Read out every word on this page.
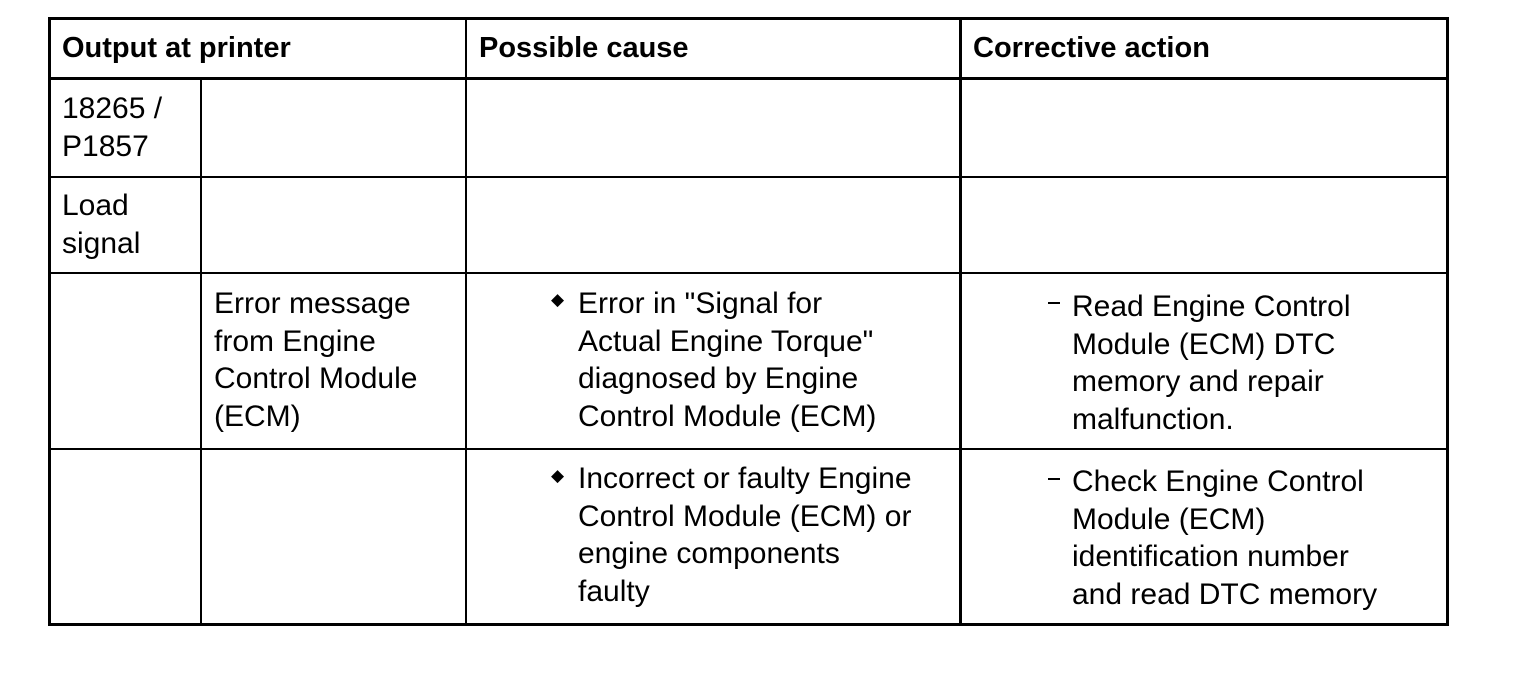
Output at printer	Possible cause	Corrective action
18265 /
P1857
Load
signal
Error message
from Engine
Control Module
(ECM)
◆ Error in "Signal for
Actual Engine Torque"
diagnosed by Engine
Control Module (ECM)
Read Engine Control
Module (ECM) DTC
memory and repair
malfunction.
◆ Incorrect or faulty Engine
Control Module (ECM) or
engine components
faulty
Check Engine Control
Module (ECM)
identification number
and read DTC memory
